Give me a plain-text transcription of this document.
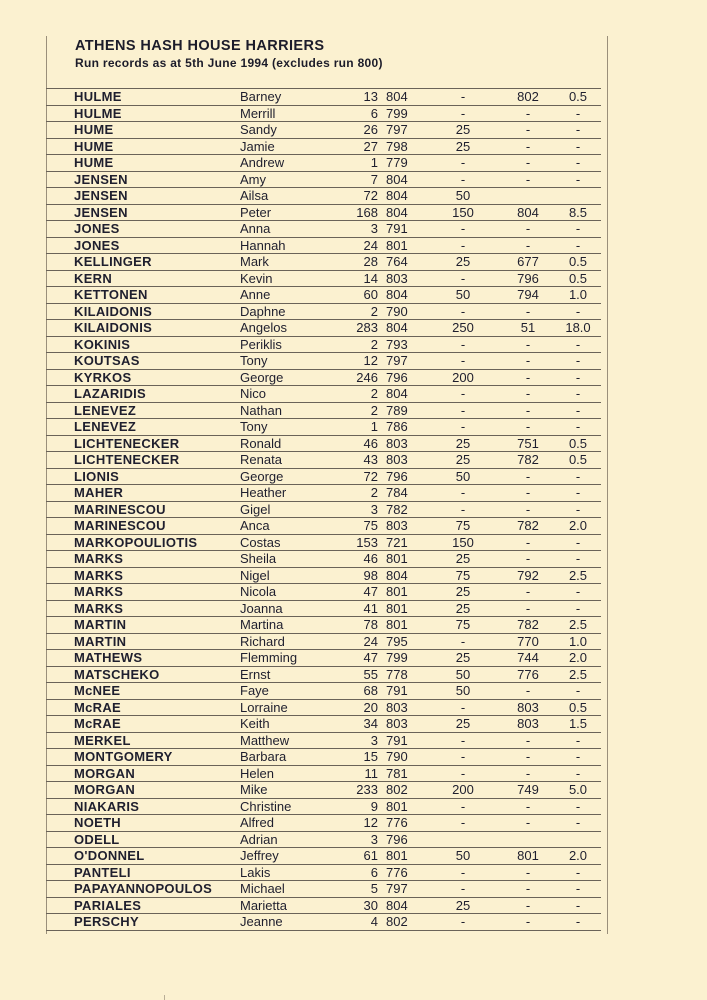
ATHENS HASH HOUSE HARRIERS
Run records as at 5th June 1994 (excludes run 800)
HULME	Barney	13 804	-	802	0.5
HULME	Merrill	6 799	-	-	-
HUME	Sandy	26 797	25	-	-
HUME	Jamie	27 798	25	-	-
HUME	Andrew	1 779	-	-	-
JENSEN	Amy	7 804	-	-	-
JENSEN	Ailsa	72 804	50
JENSEN	Peter	168 804	150	804	8.5
JONES	Anna	3 791	-	-	-
JONES	Hannah	24 801	-	-	-
KELLINGER	Mark	28 764	25	677	0.5
KERN	Kevin	14 803	-	796	0.5
KETTONEN	Anne	60 804	50	794	1.0
KILAIDONIS	Daphne	2 790	-	-	-
KILAIDONIS	Angelos	283 804	250	51	18.0
KOKINIS	Periklis	2 793	-	-	-
KOUTSAS	Tony	12 797	-	-	-
KYRKOS	George	246 796	200	-	-
LAZARIDIS	Nico	2 804	-	-	-
LENEVEZ	Nathan	2 789	-	-	-
LENEVEZ	Tony	1 786	-	-	-
LICHTENECKER	Ronald	46 803	25	751	0.5
LICHTENECKER	Renata	43 803	25	782	0.5
LIONIS	George	72 796	50	-	-
MAHER	Heather	2 784	-	-	-
MARINESCOU	Gigel	3 782	-	-	-
MARINESCOU	Anca	75 803	75	782	2.0
MARKOPOULIOTIS	Costas	153 721	150	-	-
MARKS	Sheila	46 801	25	-	-
MARKS	Nigel	98 804	75	792	2.5
MARKS	Nicola	47 801	25	-	-
MARKS	Joanna	41 801	25	-	-
MARTIN	Martina	78 801	75	782	2.5
MARTIN	Richard	24 795	-	770	1.0
MATHEWS	Flemming	47 799	25	744	2.0
MATSCHEKO	Ernst	55 778	50	776	2.5
McNEE	Faye	68 791	50	-	-
McRAE	Lorraine	20 803	-	803	0.5
McRAE	Keith	34 803	25	803	1.5
MERKEL	Matthew	3 791	-	-	-
MONTGOMERY	Barbara	15 790	-	-	-
MORGAN	Helen	11 781	-	-	-
MORGAN	Mike	233 802	200	749	5.0
NIAKARIS	Christine	9 801	-	-	-
NOETH	Alfred	12 776	-	-	-
ODELL	Adrian	3 796
O'DONNEL	Jeffrey	61 801	50	801	2.0
PANTELI	Lakis	6 776	-	-	-
PAPAYANNOPOULOS Michael	5 797	-	-	-
PARIALES	Marietta	30 804	25	-	-
PERSCHY	Jeanne	4 802	-	-	-
